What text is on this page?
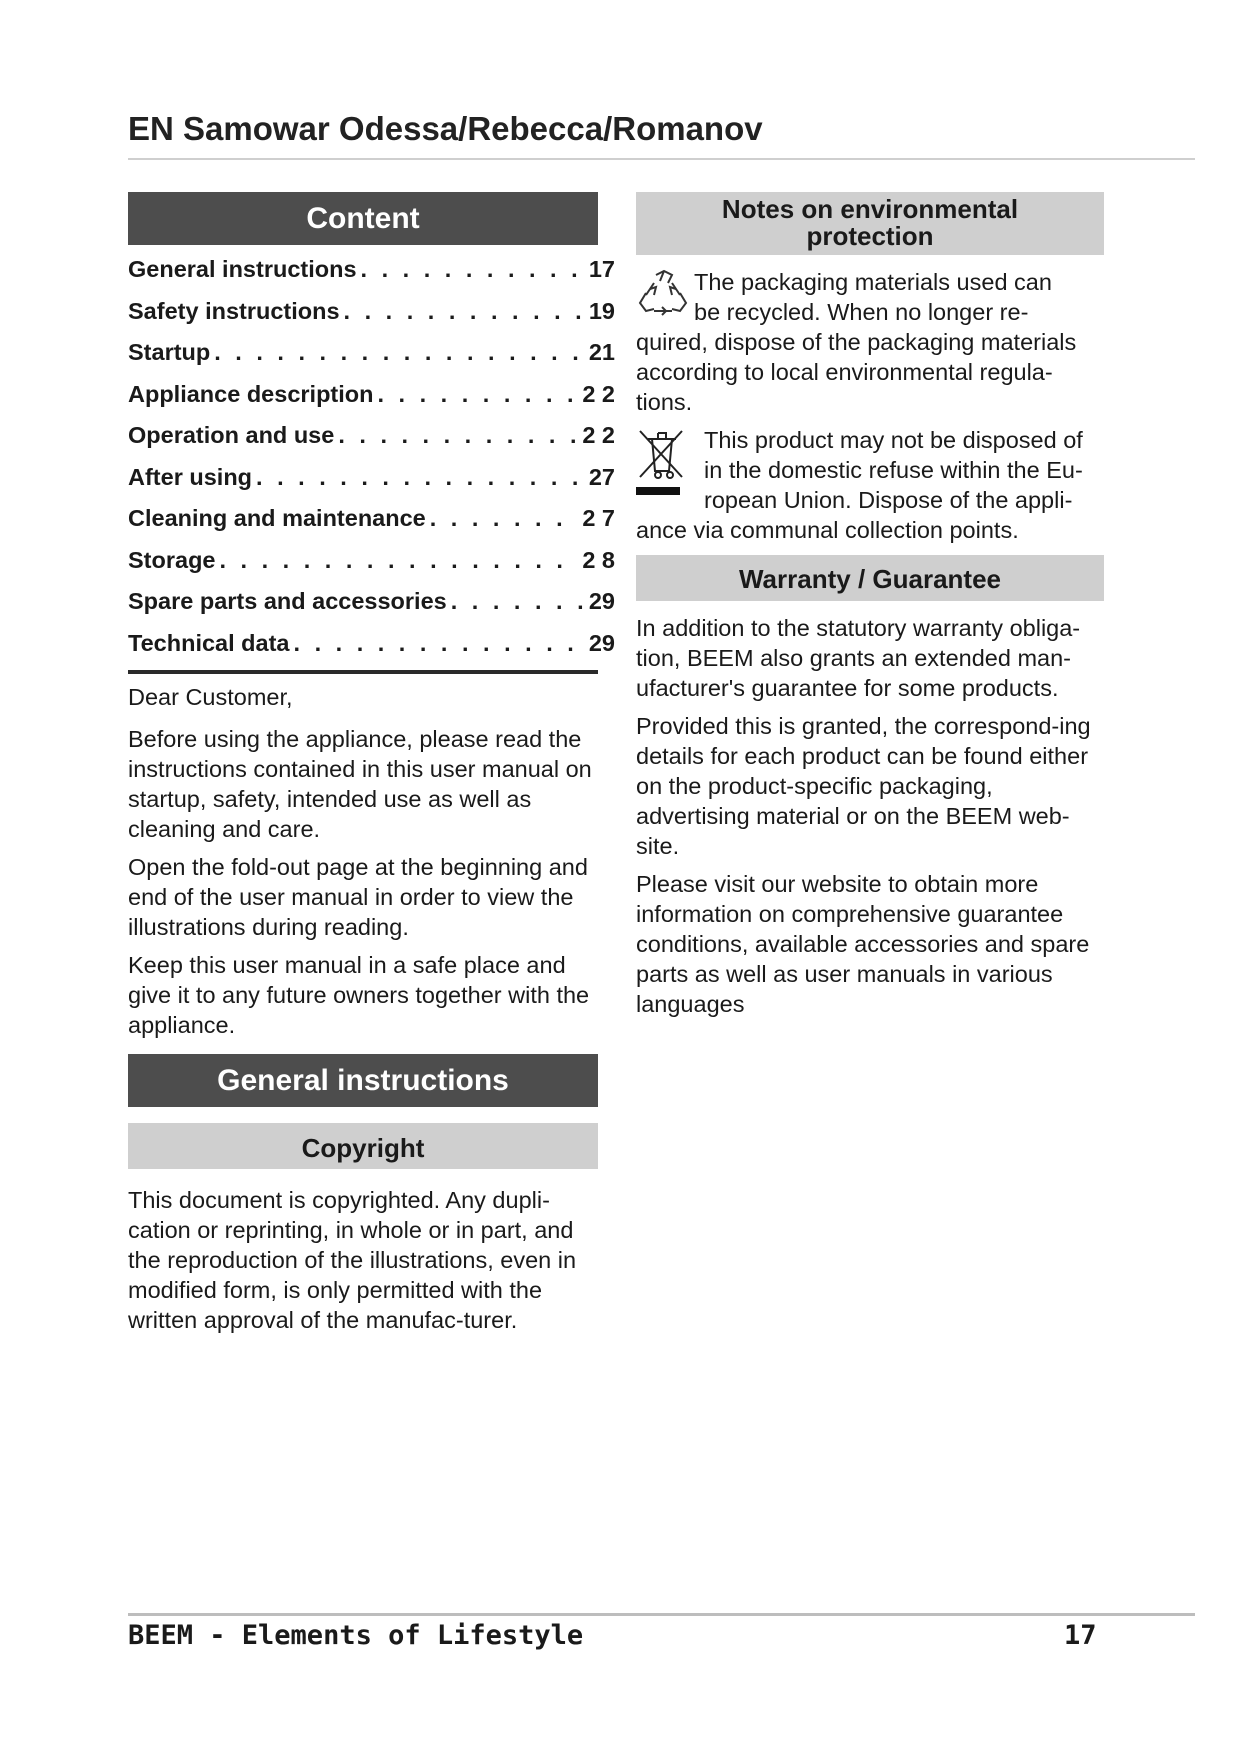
EN Samowar Odessa/Rebecca/Romanov
Content
General instructions . . .	17
Safety instructions . . .	19
Startup . . .	21
Appliance description . . .	2 2
Operation and use . . .	2 2
After using . . .	27
Cleaning and maintenance . . .	2 7
Storage . . .	2 8
Spare parts and accessories . . .	29
Technical data . . .	29

Dear Customer,

Before using the appliance, please read the instructions contained in this user manual on startup, safety, intended use as well as cleaning and care.

Open the fold-out page at the beginning and end of the user manual in order to view the illustrations during reading.

Keep this user manual in a safe place and give it to any future owners together with the appliance.

General instructions
Copyright

This document is copyrighted. Any dupli-cation or reprinting, in whole or in part, and the reproduction of the illustrations, even in modified form, is only permitted with the written approval of the manufac-turer.

Notes on environmental
protection
The packaging materials used can
be recycled. When no longer re-
quired, dispose of the packaging materials according to local environmental regula-tions.
This product may not be disposed of
in the domestic refuse within the Eu-
ropean Union. Dispose of the appli-
ance via communal collection points.
Warranty / Guarantee

In addition to the statutory warranty obliga-tion, BEEM also grants an extended man-ufacturer's guarantee for some products.

Provided this is granted, the correspond-ing details for each product can be found either on the product-specific packaging, advertising material or on the BEEM web-site.

Please visit our website to obtain more information on comprehensive guarantee conditions, available accessories and spare parts as well as user manuals in various languages

BEEM - Elements of Lifestyle	17
